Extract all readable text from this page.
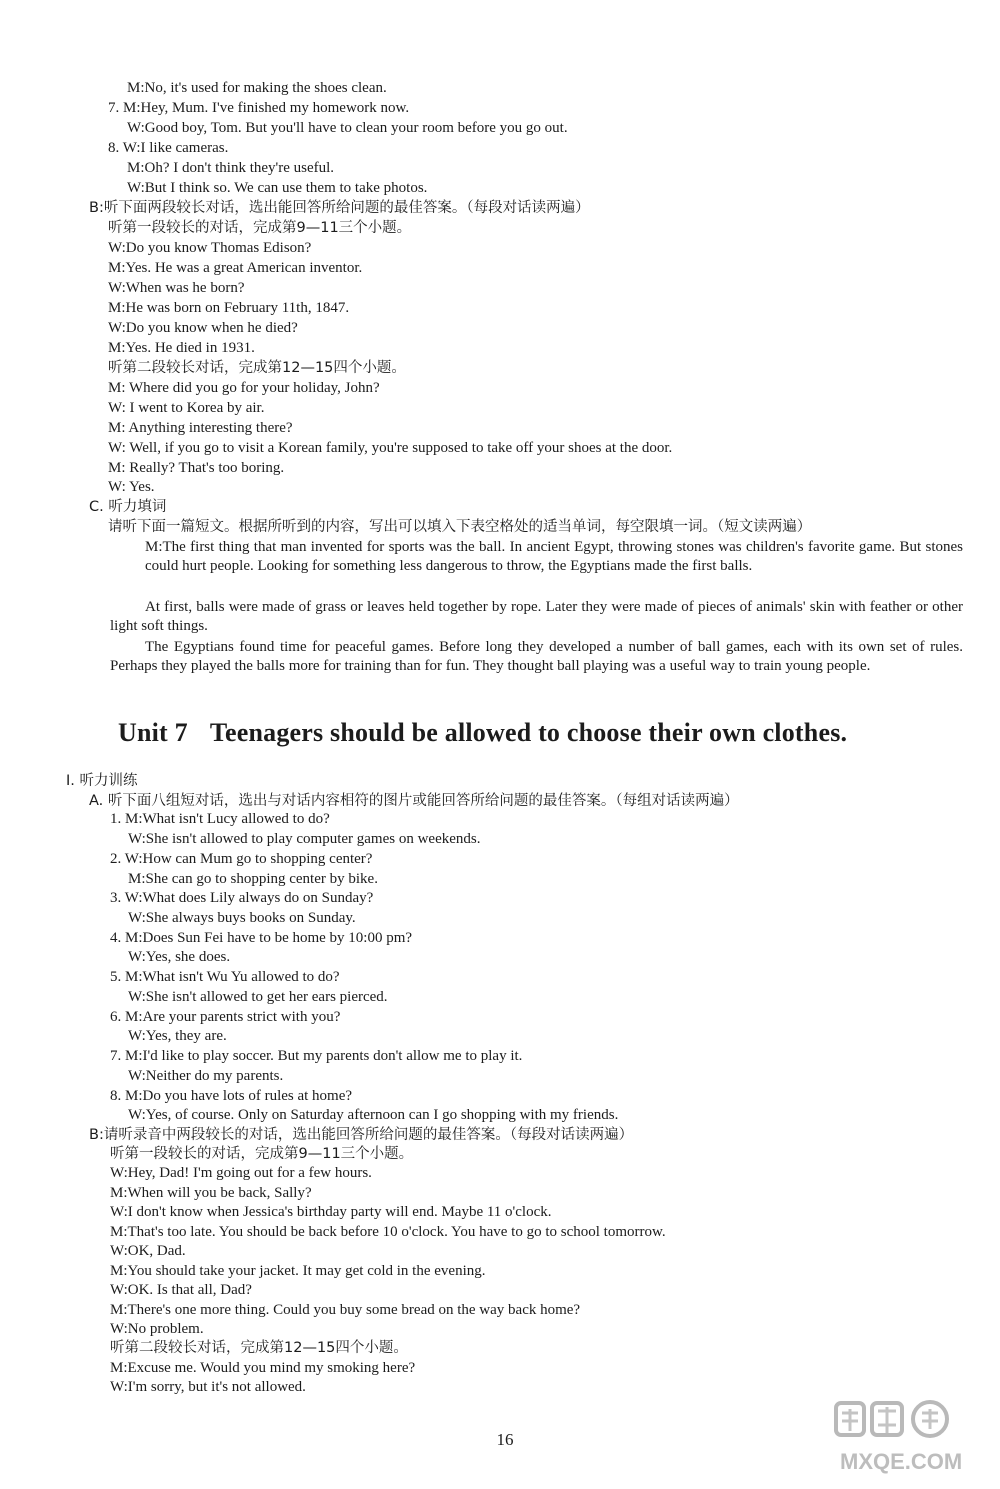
M:No, it's used for making the shoes clean.
7. M:Hey, Mum. I've finished my homework now.
W:Good boy, Tom. But you'll have to clean your room before you go out.
8. W:I like cameras.
M:Oh? I don't think they're useful.
W:But I think so. We can use them to take photos.
B:听下面两段较长对话，选出能回答所给问题的最佳答案。（每段对话读两遍）
听第一段较长的对话，完成第9—11三个小题。
W:Do you know Thomas Edison?
M:Yes. He was a great American inventor.
W:When was he born?
M:He was born on February 11th, 1847.
W:Do you know when he died?
M:Yes. He died in 1931.
听第二段较长对话，完成第12—15四个小题。
M: Where did you go for your holiday, John?
W: I went to Korea by air.
M: Anything interesting there?
W: Well, if you go to visit a Korean family, you're supposed to take off your shoes at the door.
M: Really? That's too boring.
W: Yes.
C. 听力填词
请听下面一篇短文。根据所听到的内容，写出可以填入下表空格处的适当单词，每空限填一词。（短文读两遍）
M:The first thing that man invented for sports was the ball. In ancient Egypt, throwing stones was children's favorite game. But stones could hurt people. Looking for something less dangerous to throw, the Egyptians made the first balls.
At first, balls were made of grass or leaves held together by rope. Later they were made of pieces of animals' skin with feather or other light soft things.
The Egyptians found time for peaceful games. Before long they developed a number of ball games, each with its own set of rules. Perhaps they played the balls more for training than for fun. They thought ball playing was a useful way to train young people.
Unit 7 Teenagers should be allowed to choose their own clothes.
Ⅰ. 听力训练
A. 听下面八组短对话，选出与对话内容相符的图片或能回答所给问题的最佳答案。（每组对话读两遍）
1. M:What isn't Lucy allowed to do?
W:She isn't allowed to play computer games on weekends.
2. W:How can Mum go to shopping center?
M:She can go to shopping center by bike.
3. W:What does Lily always do on Sunday?
W:She always buys books on Sunday.
4. M:Does Sun Fei have to be home by 10:00 pm?
W:Yes, she does.
5. M:What isn't Wu Yu allowed to do?
W:She isn't allowed to get her ears pierced.
6. M:Are your parents strict with you?
W:Yes, they are.
7. M:I'd like to play soccer. But my parents don't allow me to play it.
W:Neither do my parents.
8. M:Do you have lots of rules at home?
W:Yes, of course. Only on Saturday afternoon can I go shopping with my friends.
B:请听录音中两段较长的对话，选出能回答所给问题的最佳答案。（每段对话读两遍）
听第一段较长的对话，完成第9—11三个小题。
W:Hey, Dad! I'm going out for a few hours.
M:When will you be back, Sally?
W:I don't know when Jessica's birthday party will end. Maybe 11 o'clock.
M:That's too late. You should be back before 10 o'clock. You have to go to school tomorrow.
W:OK, Dad.
M:You should take your jacket. It may get cold in the evening.
W:OK. Is that all, Dad?
M:There's one more thing. Could you buy some bread on the way back home?
W:No problem.
听第二段较长对话，完成第12—15四个小题。
M:Excuse me. Would you mind my smoking here?
W:I'm sorry, but it's not allowed.
16
MXQE.COM
